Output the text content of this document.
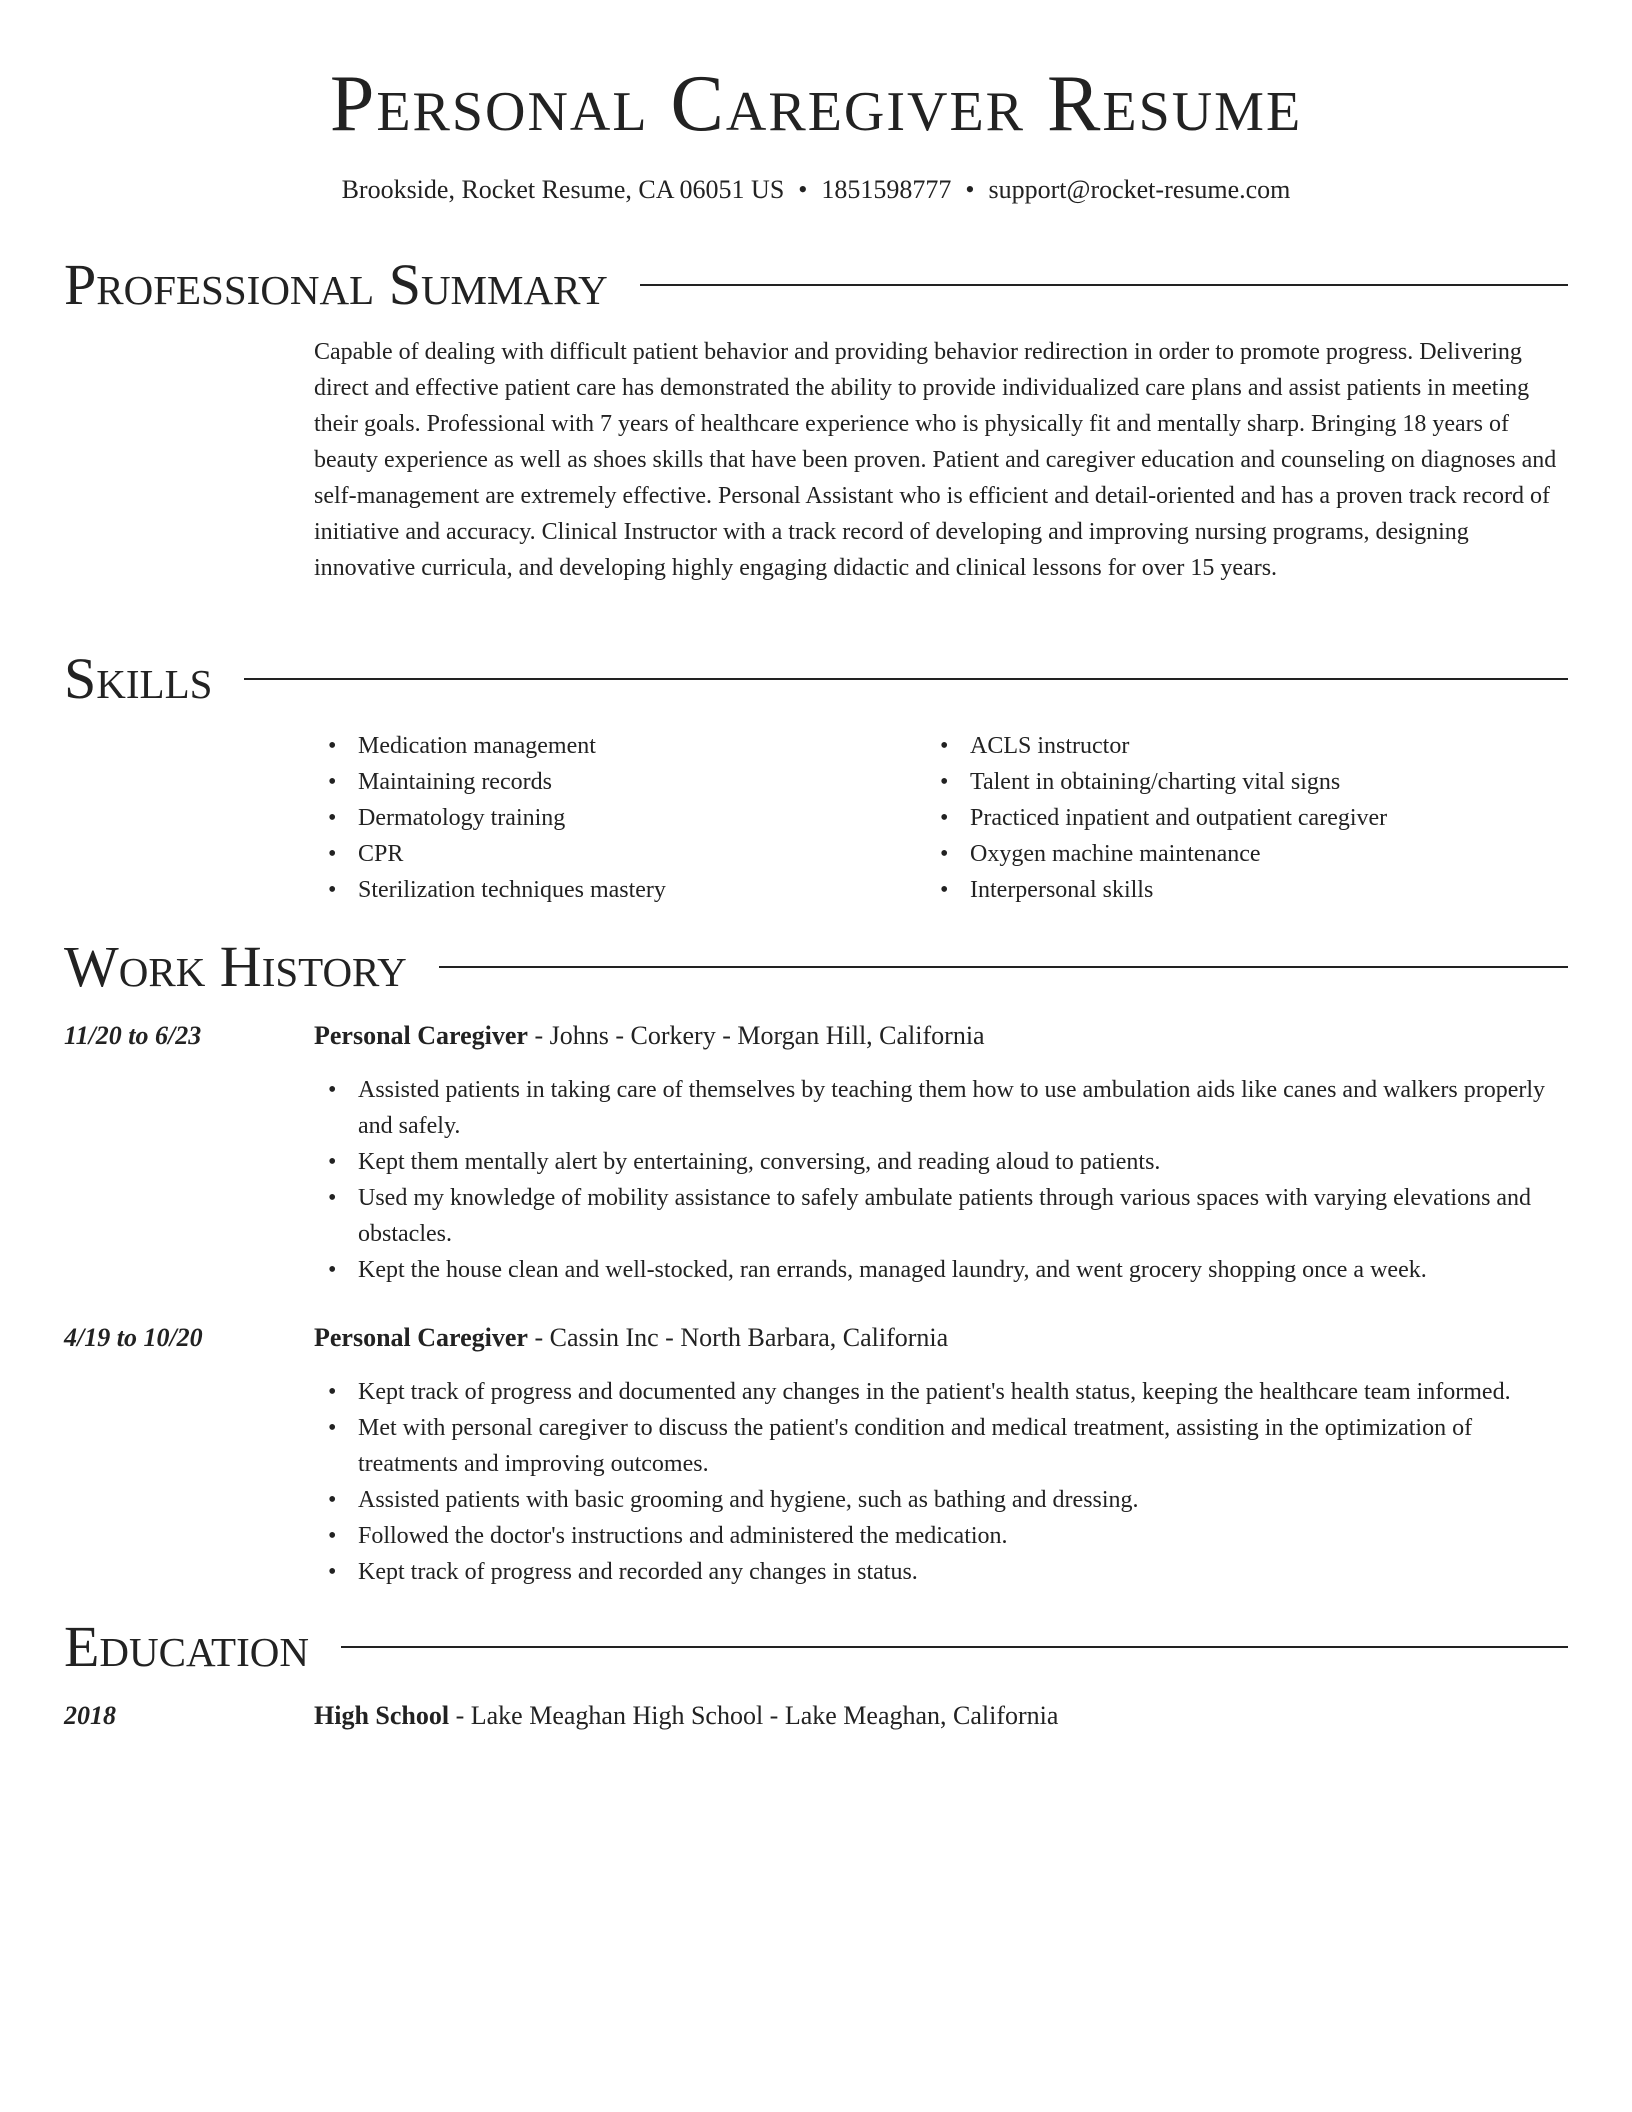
Personal Caregiver Resume
Brookside, Rocket Resume, CA 06051 US • 1851598777 • support@rocket-resume.com
Professional Summary
Capable of dealing with difficult patient behavior and providing behavior redirection in order to promote progress. Delivering direct and effective patient care has demonstrated the ability to provide individualized care plans and assist patients in meeting their goals. Professional with 7 years of healthcare experience who is physically fit and mentally sharp. Bringing 18 years of beauty experience as well as shoes skills that have been proven. Patient and caregiver education and counseling on diagnoses and self-management are extremely effective. Personal Assistant who is efficient and detail-oriented and has a proven track record of initiative and accuracy. Clinical Instructor with a track record of developing and improving nursing programs, designing innovative curricula, and developing highly engaging didactic and clinical lessons for over 15 years.
Skills
• Medication management
• Maintaining records
• Dermatology training
• CPR
• Sterilization techniques mastery
• ACLS instructor
• Talent in obtaining/charting vital signs
• Practiced inpatient and outpatient caregiver
• Oxygen machine maintenance
• Interpersonal skills
Work History
11/20 to 6/23	Personal Caregiver - Johns - Corkery - Morgan Hill, California
• Assisted patients in taking care of themselves by teaching them how to use ambulation aids like canes and walkers properly and safely.
• Kept them mentally alert by entertaining, conversing, and reading aloud to patients.
• Used my knowledge of mobility assistance to safely ambulate patients through various spaces with varying elevations and obstacles.
• Kept the house clean and well-stocked, ran errands, managed laundry, and went grocery shopping once a week.
4/19 to 10/20	Personal Caregiver - Cassin Inc - North Barbara, California
• Kept track of progress and documented any changes in the patient's health status, keeping the healthcare team informed.
• Met with personal caregiver to discuss the patient's condition and medical treatment, assisting in the optimization of treatments and improving outcomes.
• Assisted patients with basic grooming and hygiene, such as bathing and dressing.
• Followed the doctor's instructions and administered the medication.
• Kept track of progress and recorded any changes in status.
Education
2018	High School - Lake Meaghan High School - Lake Meaghan, California
